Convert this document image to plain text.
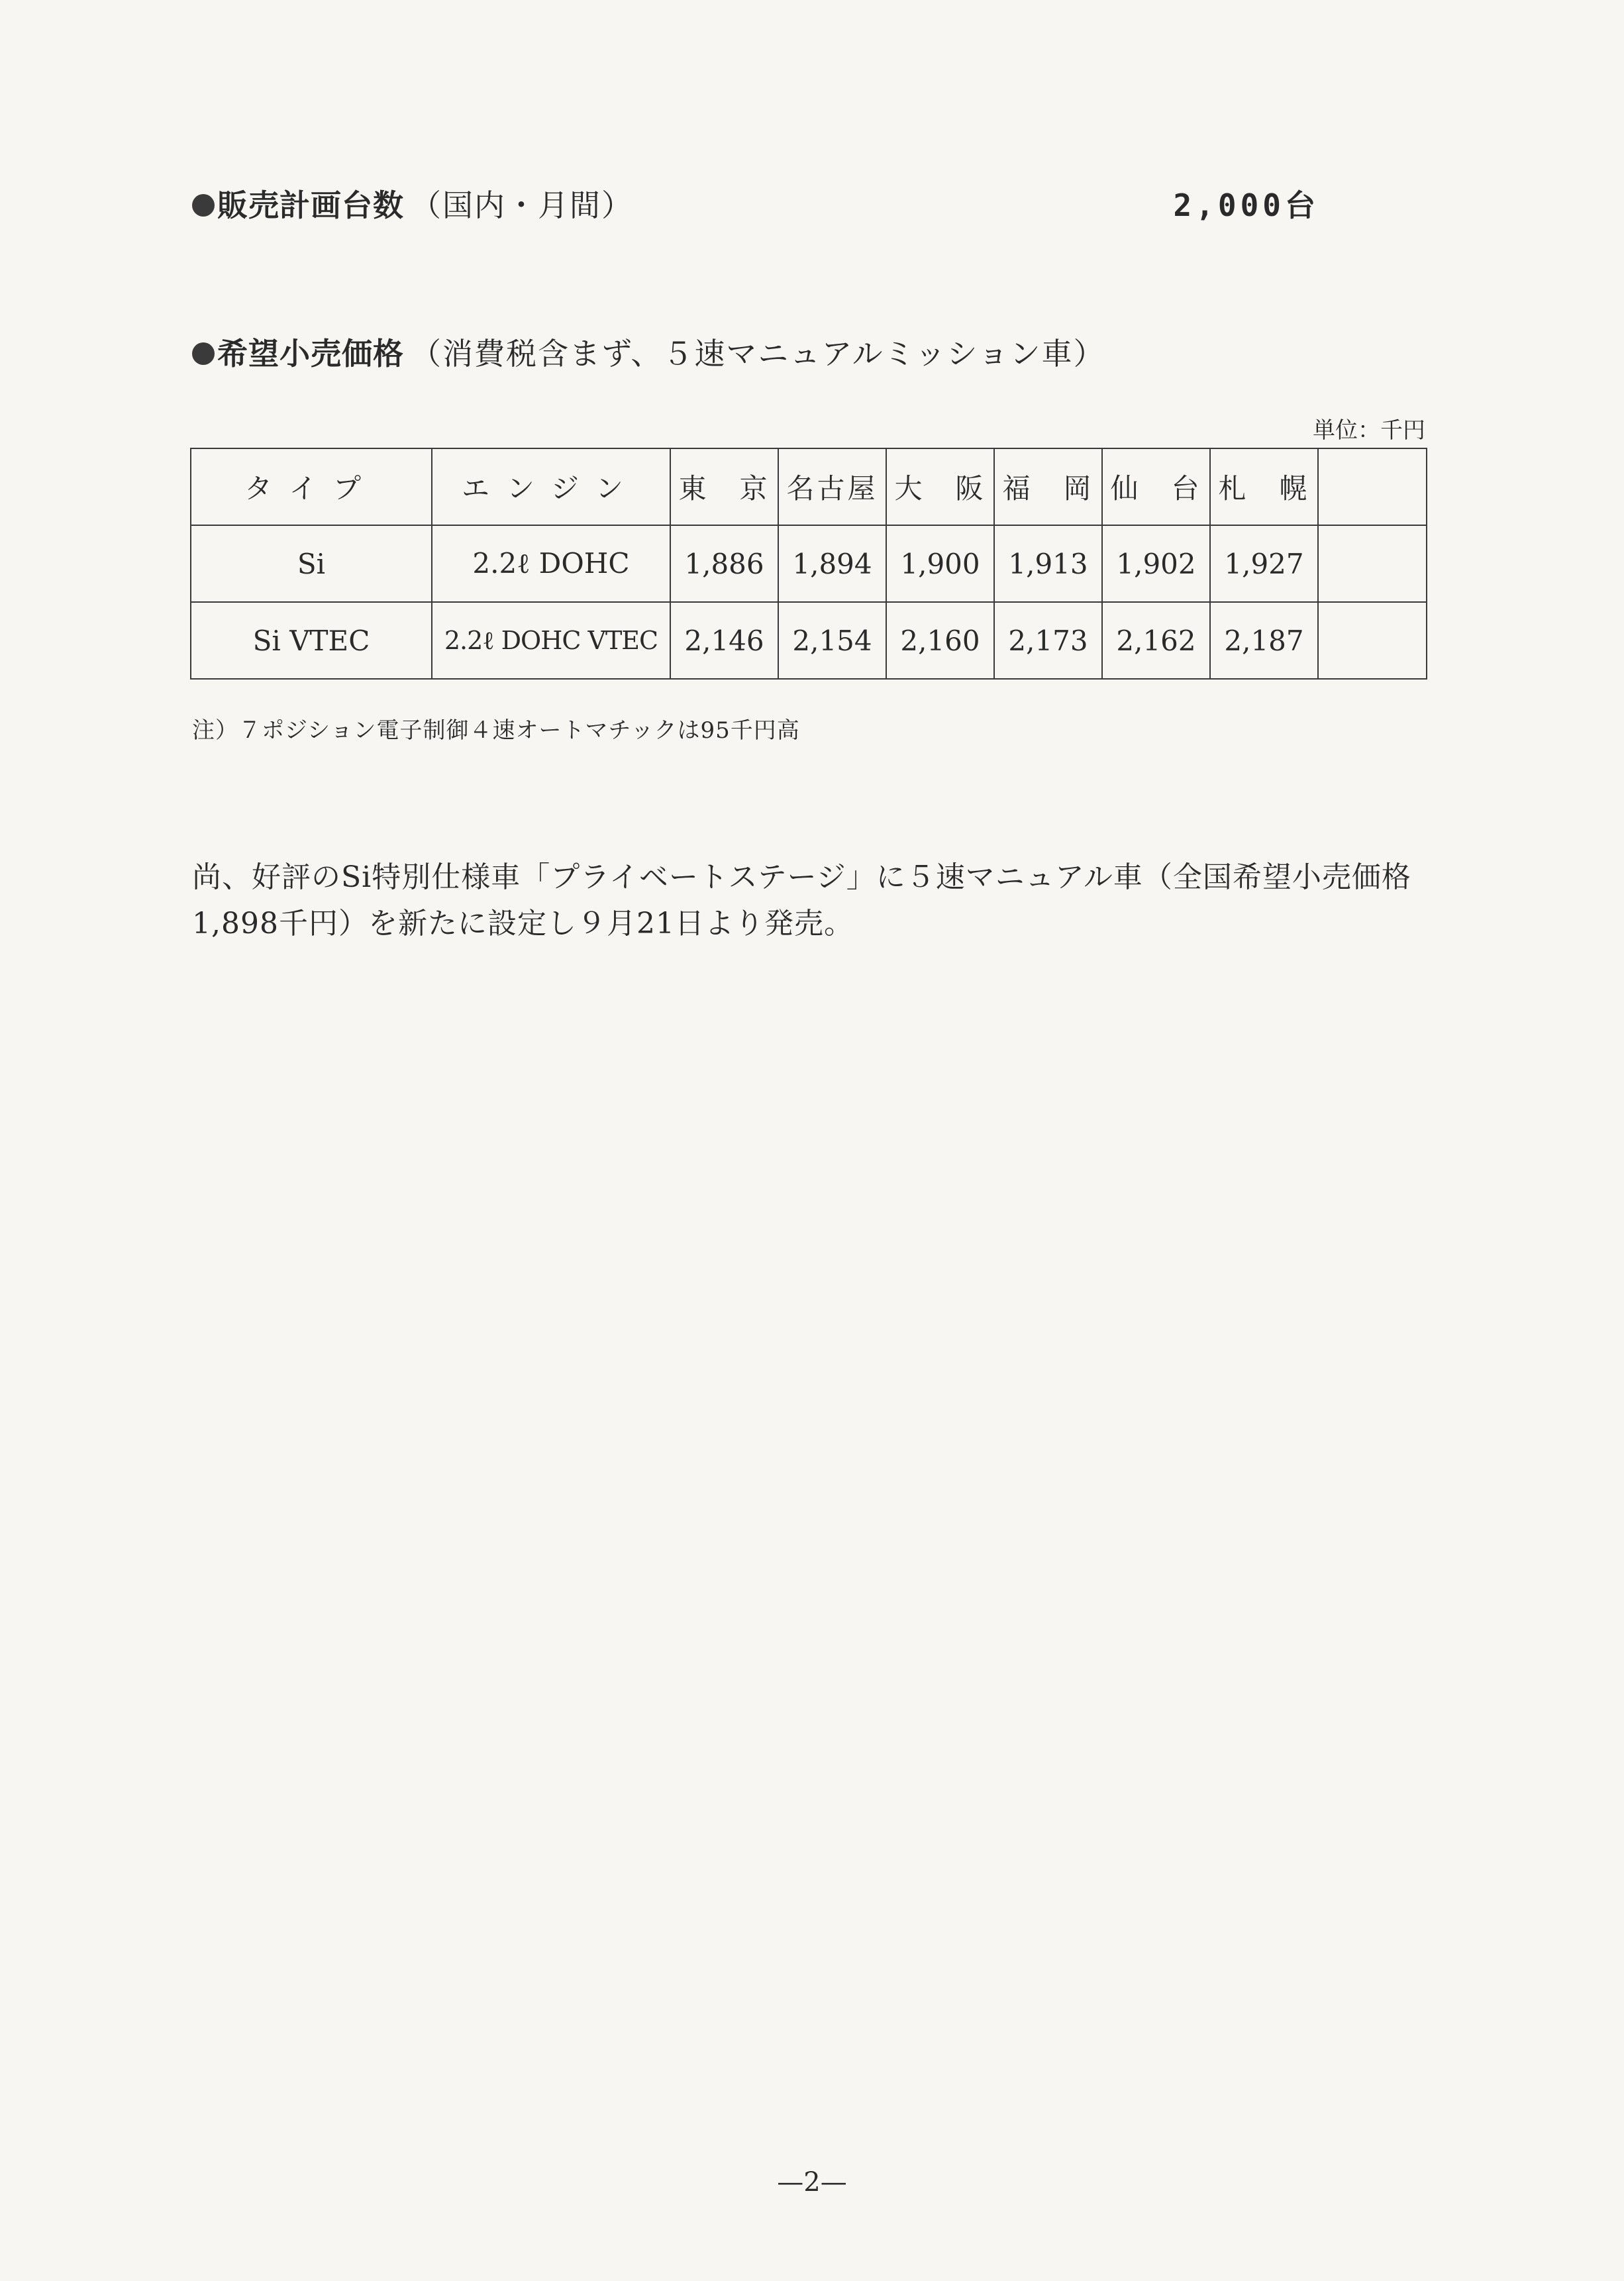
販売計画台数 （国内・月間）	2,000台
希望小売価格 （消費税含まず、５速マニュアルミッション車）
単位：千円
タイプ	エンジン	東　京	名古屋	大　阪	福　岡	仙　台	札　幌	
Si	2.2ℓ DOHC	1,886	1,894	1,900	1,913	1,902	1,927	
Si VTEC	2.2ℓ DOHC VTEC	2,146	2,154	2,160	2,173	2,162	2,187	
注）７ポジション電子制御４速オートマチックは95千円高

尚、好評のSi特別仕様車「プライベートステージ」に５速マニュアル車（全国希望小売価格

1,898千円）を新たに設定し９月21日より発売。

—2—
